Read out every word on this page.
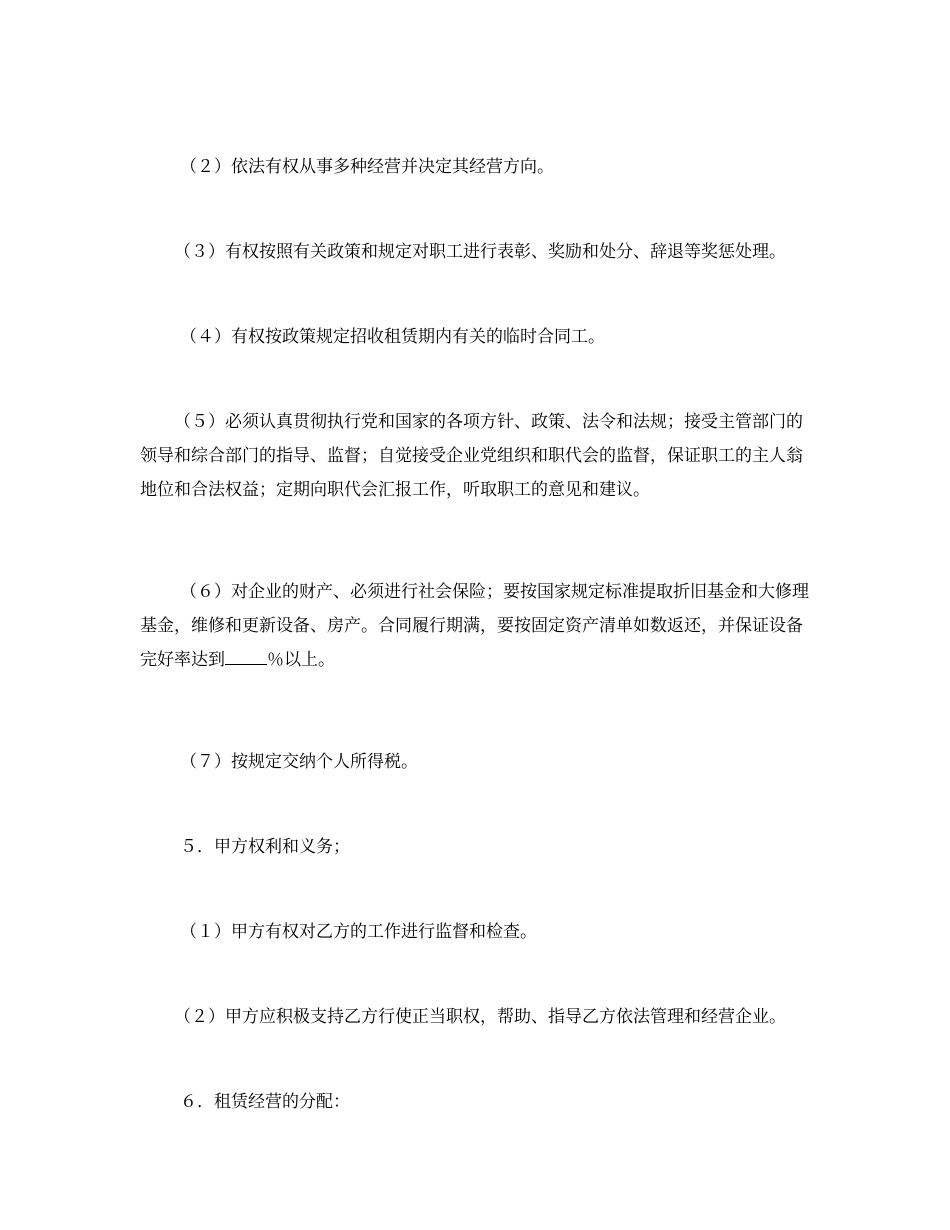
（２）依法有权从事多种经营并决定其经营方向。

（３）有权按照有关政策和规定对职工进行表彰、奖励和处分、辞退等奖惩处理。

（４）有权按政策规定招收租赁期内有关的临时合同工。

（５）必须认真贯彻执行党和国家的各项方针、政策、法令和法规；接受主管部门的领导和综合部门的指导、监督；自觉接受企业党组织和职代会的监督，保证职工的主人翁地位和合法权益；定期向职代会汇报工作，听取职工的意见和建议。

（６）对企业的财产、必须进行社会保险；要按国家规定标准提取折旧基金和大修理基金，维修和更新设备、房产。合同履行期满，要按固定资产清单如数返还，并保证设备完好率达到 ％以上。

（７）按规定交纳个人所得税。

５．甲方权利和义务；

（１）甲方有权对乙方的工作进行监督和检查。

（２）甲方应积极支持乙方行使正当职权，帮助、指导乙方依法管理和经营企业。

６．租赁经营的分配：
